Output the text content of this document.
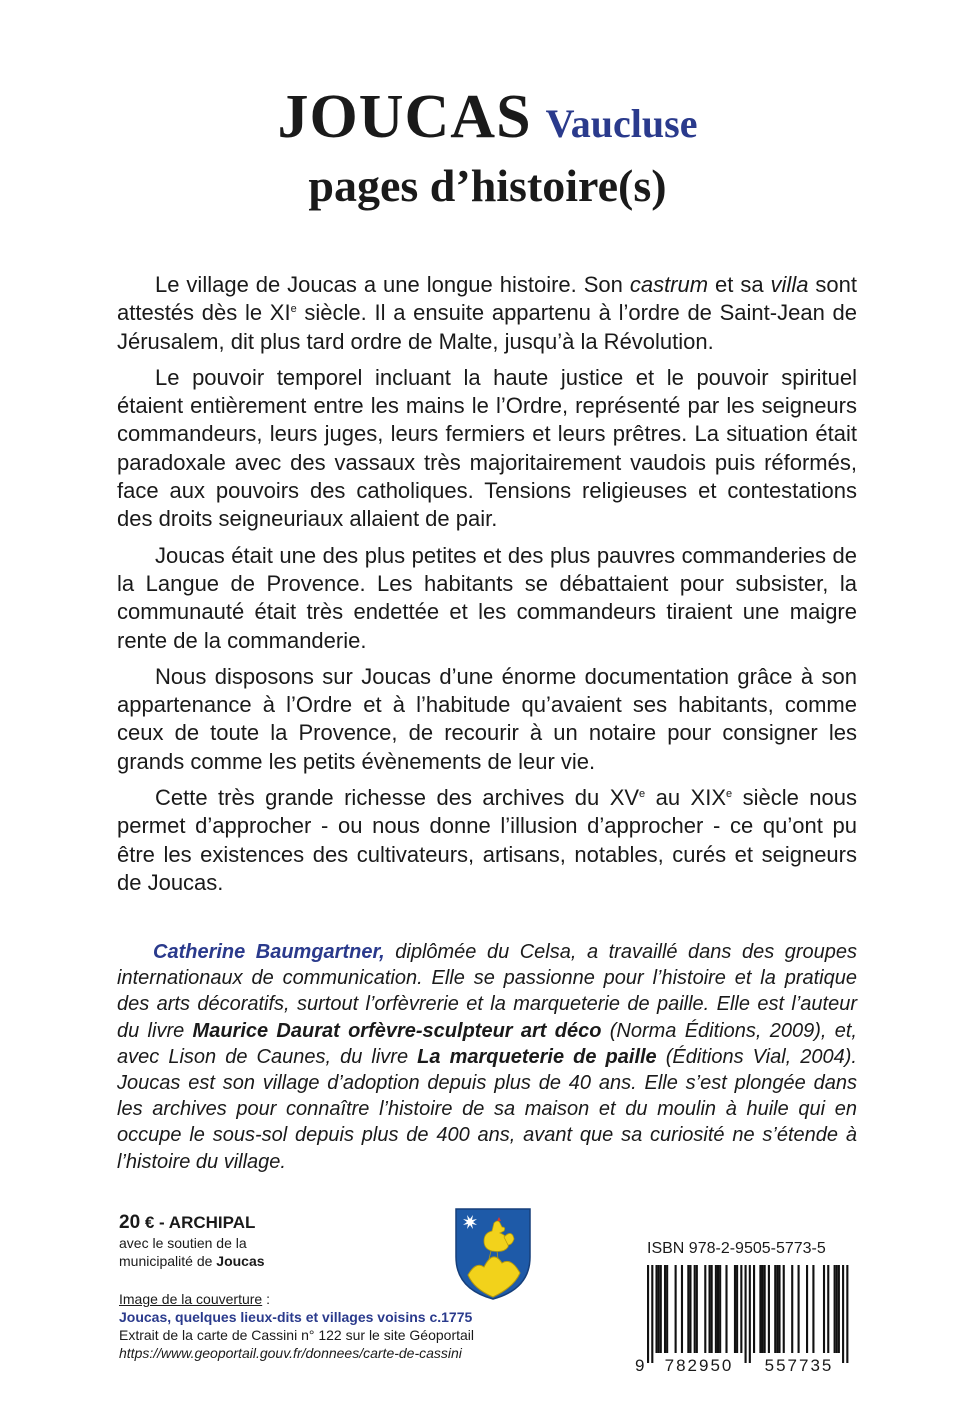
JOUCAS Vaucluse
pages d’histoire(s)

Le village de Joucas a une longue histoire. Son castrum et sa villa sont attestés dès le XIe siècle. Il a ensuite appartenu à l’ordre de Saint-Jean de Jérusalem, dit plus tard ordre de Malte, jusqu’à la Révolution.

Le pouvoir temporel incluant la haute justice et le pouvoir spirituel étaient entièrement entre les mains le l’Ordre, représenté par les seigneurs commandeurs, leurs juges, leurs fermiers et leurs prêtres. La situation était paradoxale avec des vassaux très majoritairement vaudois puis réformés, face aux pouvoirs des catholiques. Tensions religieuses et contestations des droits seigneuriaux allaient de pair.

Joucas était une des plus petites et des plus pauvres commanderies de la Langue de Provence. Les habitants se débattaient pour subsister, la communauté était très endettée et les commandeurs tiraient une maigre rente de la commanderie.

Nous disposons sur Joucas d’une énorme documentation grâce à son appartenance à l’Ordre et à l’habitude qu’avaient ses habitants, comme ceux de toute la Provence, de recourir à un notaire pour consigner les grands comme les petits évènements de leur vie.

Cette très grande richesse des archives du XVe au XIXe siècle nous permet d’approcher - ou nous donne l’illusion d’approcher - ce qu’ont pu être les existences des cultivateurs, artisans, notables, curés et seigneurs de Joucas.

Catherine Baumgartner, diplômée du Celsa, a travaillé dans des groupes internationaux de communication. Elle se passionne pour l’histoire et la pratique des arts décoratifs, surtout l’orfèvrerie et la marqueterie de paille. Elle est l’auteur du livre Maurice Daurat orfèvre-sculpteur art déco (Norma Éditions, 2009), et, avec Lison de Caunes, du livre La marqueterie de paille (Éditions Vial, 2004). Joucas est son village d’adoption depuis plus de 40 ans. Elle s’est plongée dans les archives pour connaître l’histoire de sa maison et du moulin à huile qui en occupe le sous-sol depuis plus de 400 ans, avant que sa curiosité ne s’étende à l’histoire du village.

20 € - ARCHIPAL
avec le soutien de la
municipalité de Joucas
Image de la couverture :
Joucas, quelques lieux-dits et villages voisins c.1775
Extrait de la carte de Cassini n° 122 sur le site Géoportail
https://www.geoportail.gouv.fr/donnees/carte-de-cassini
ISBN 978-2-9505-5773-5
9 782950 557735
